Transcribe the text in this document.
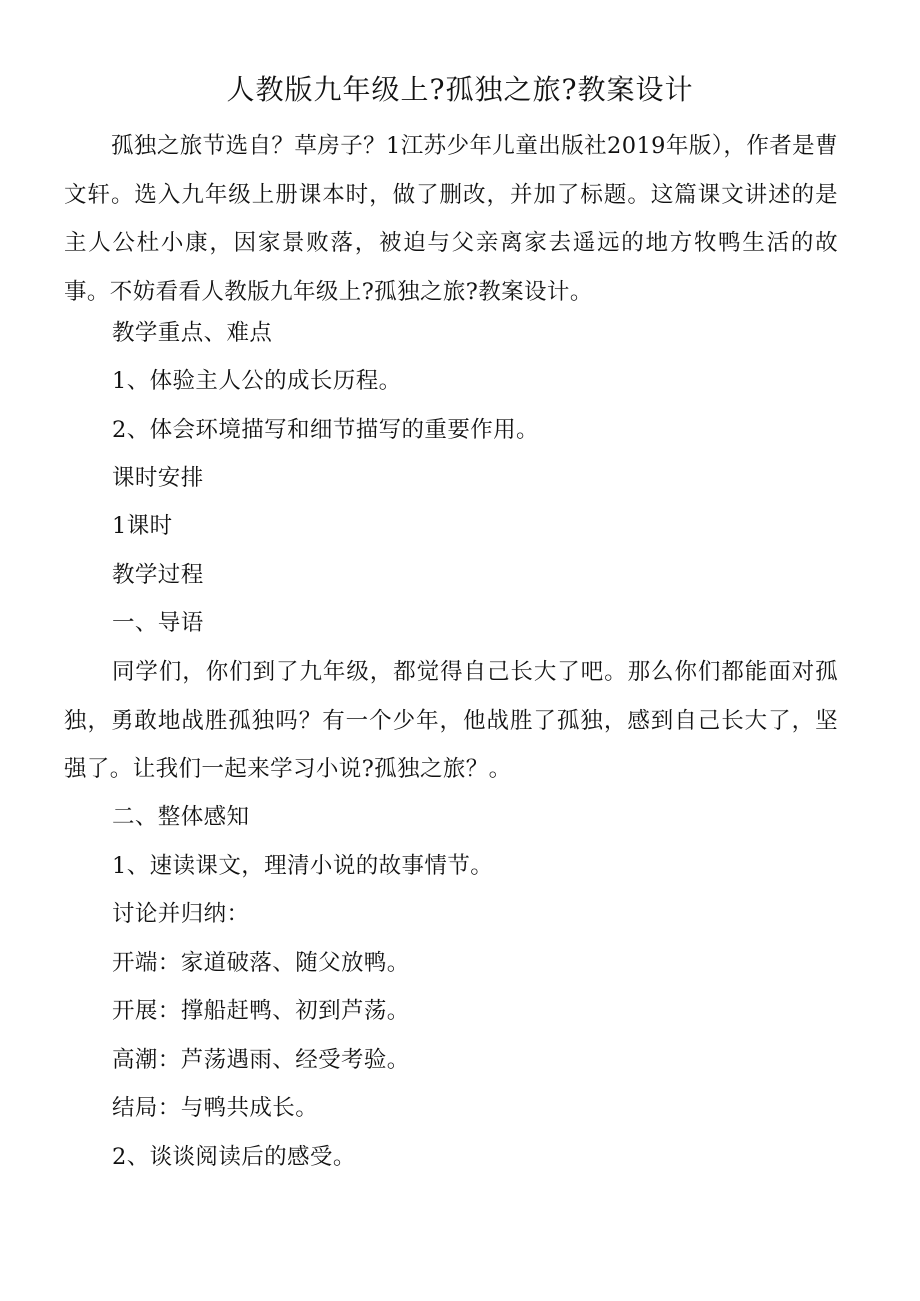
人教版九年级上?孤独之旅?教案设计

孤独之旅节选自？草房子？1江苏少年儿童出版社2019年版），作者是曹文轩。选入九年级上册课本时，做了删改，并加了标题。这篇课文讲述的是主人公杜小康，因家景败落，被迫与父亲离家去遥远的地方牧鸭生活的故事。不妨看看人教版九年级上?孤独之旅?教案设计。

教学重点、难点

1、体验主人公的成长历程。

2、体会环境描写和细节描写的重要作用。

课时安排

1课时

教学过程

一、导语

同学们，你们到了九年级，都觉得自己长大了吧。那么你们都能面对孤独，勇敢地战胜孤独吗？有一个少年，他战胜了孤独，感到自己长大了，坚强了。让我们一起来学习小说?孤独之旅？。

二、整体感知

1、速读课文，理清小说的故事情节。

讨论并归纳：

开端：家道破落、随父放鸭。

开展：撑船赶鸭、初到芦荡。

高潮：芦荡遇雨、经受考验。

结局：与鸭共成长。

2、谈谈阅读后的感受。
